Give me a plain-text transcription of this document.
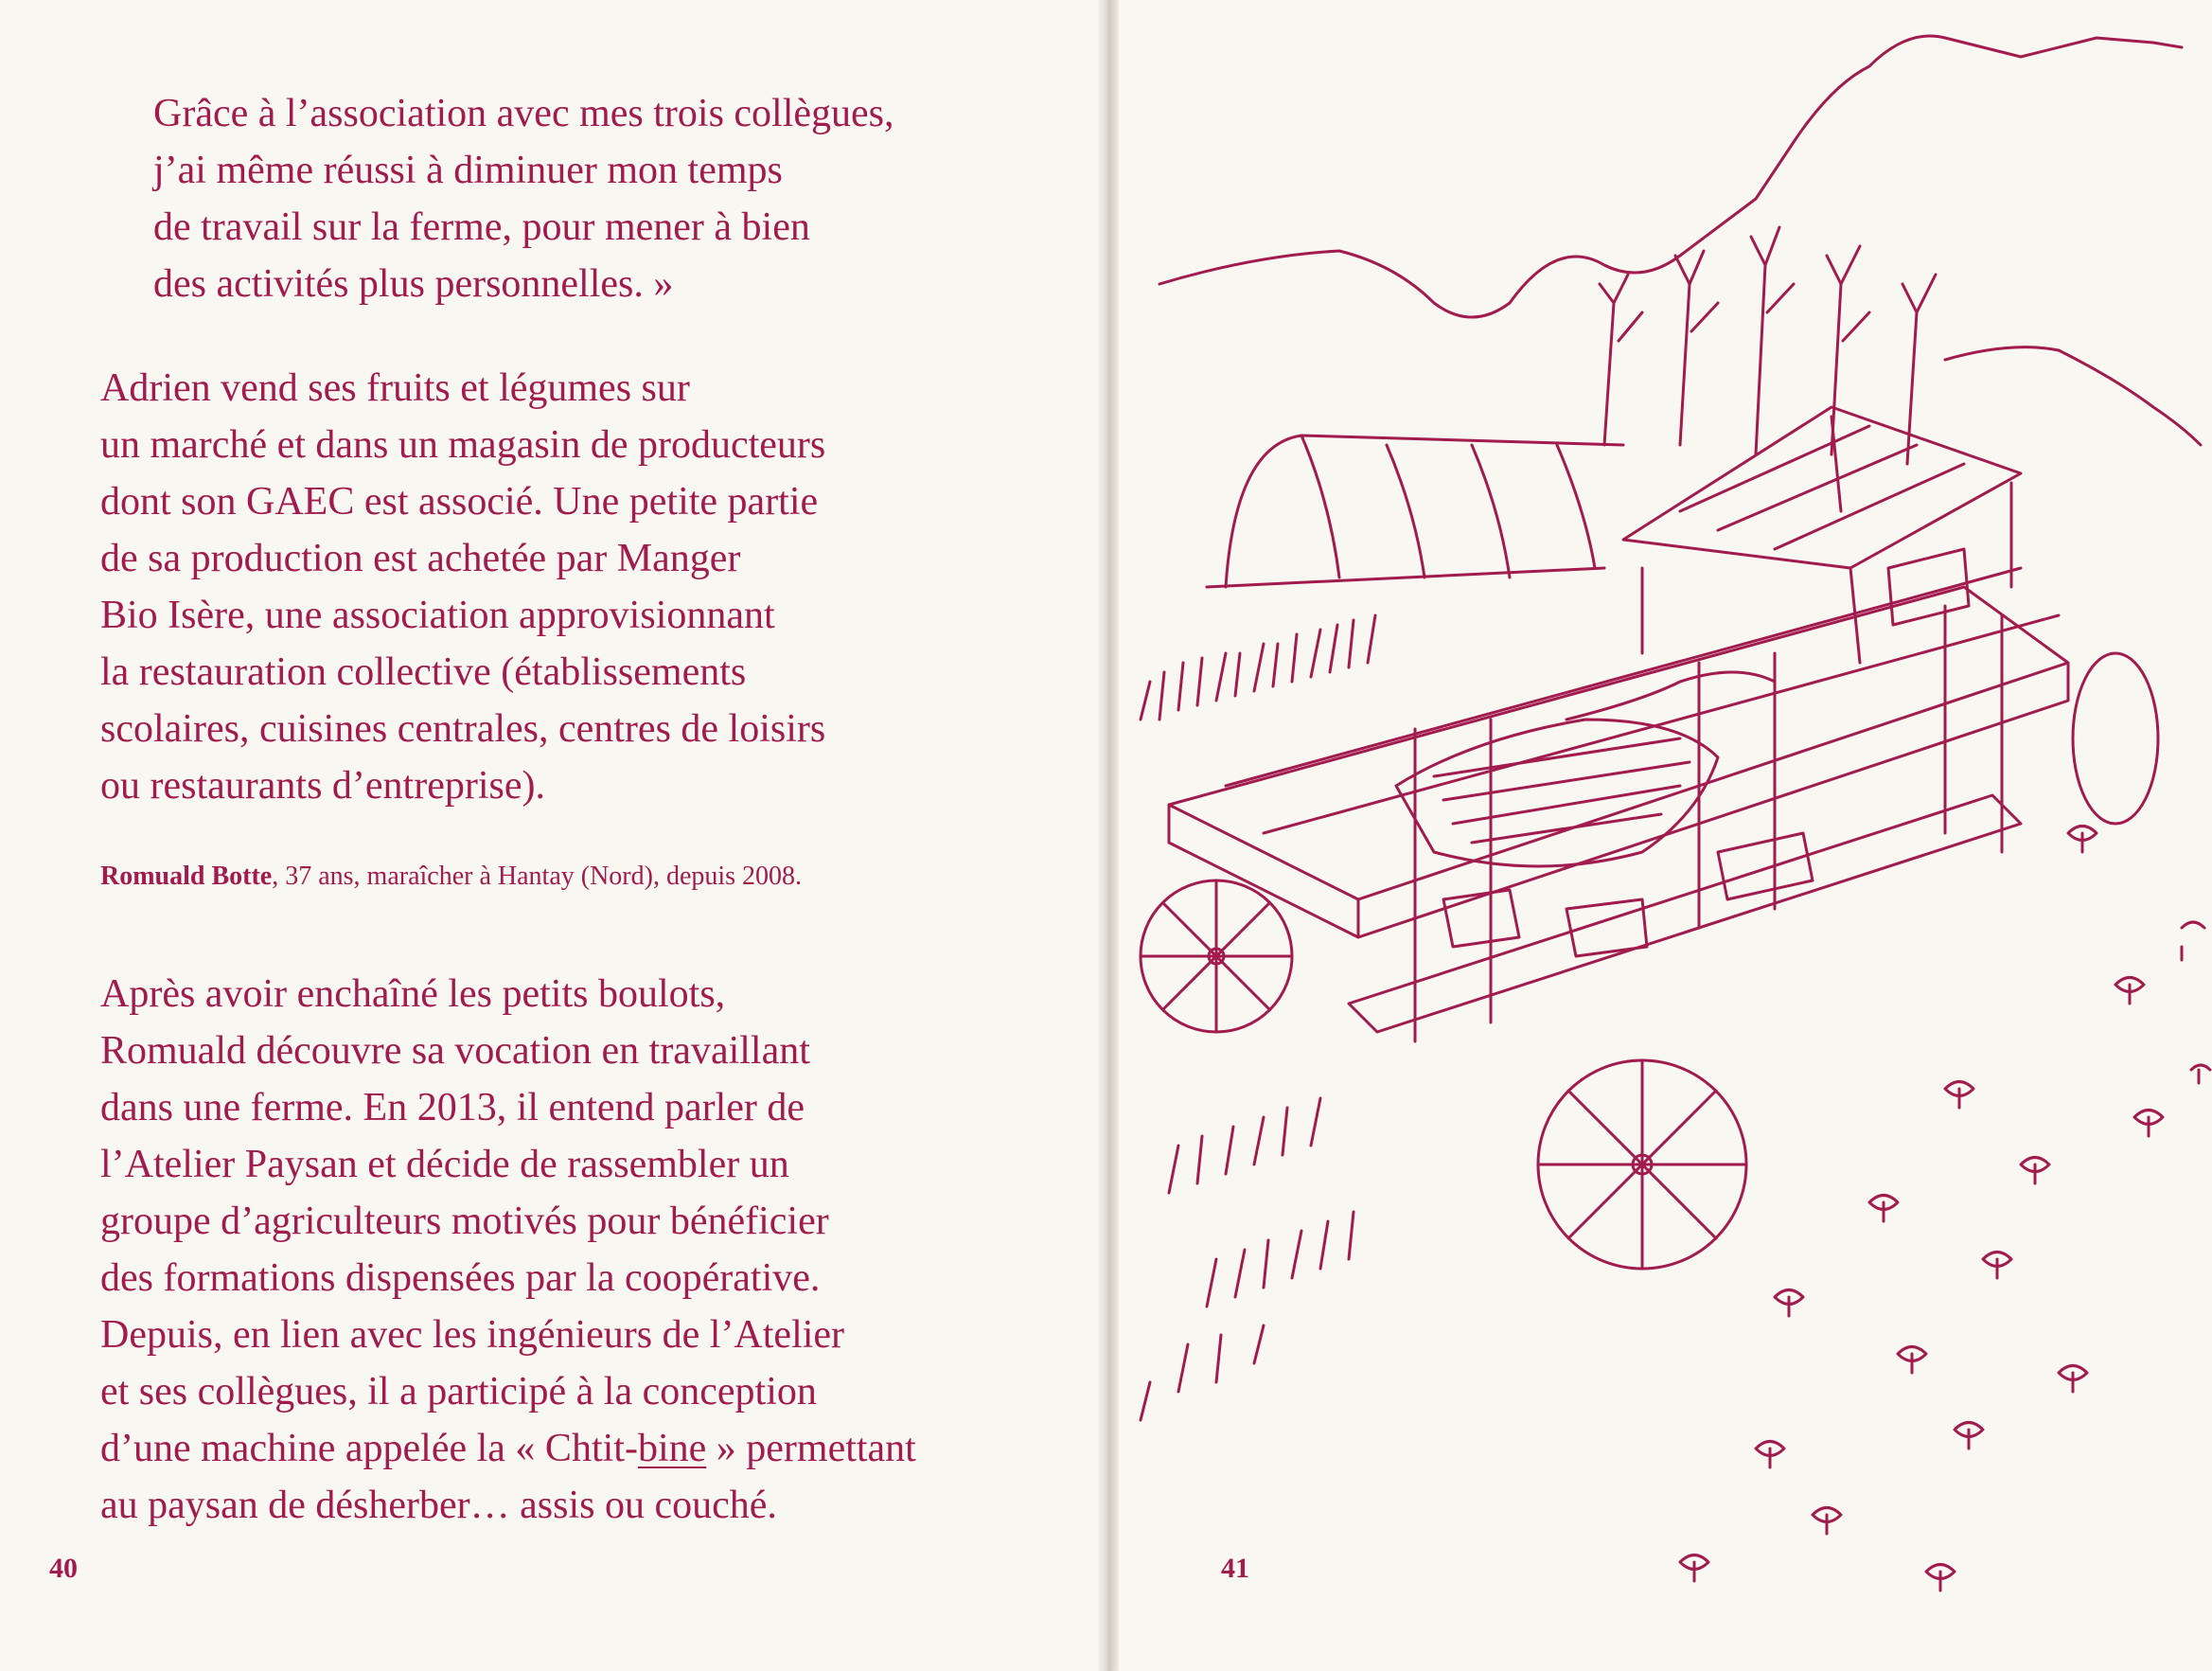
Grâce à l’association avec mes trois collègues,
j’ai même réussi à diminuer mon temps
de travail sur la ferme, pour mener à bien
des activités plus personnelles. »
Adrien vend ses fruits et légumes sur
un marché et dans un magasin de producteurs
dont son GAEC est associé. Une petite partie
de sa production est achetée par Manger
Bio Isère, une association approvisionnant
la restauration collective (établissements
scolaires, cuisines centrales, centres de loisirs
ou restaurants d’entreprise).

Romuald Botte, 37 ans, maraîcher à Hantay (Nord), depuis 2008.

Après avoir enchaîné les petits boulots,
Romuald découvre sa vocation en travaillant
dans une ferme. En 2013, il entend parler de
l’Atelier Paysan et décide de rassembler un
groupe d’agriculteurs motivés pour bénéficier
des formations dispensées par la coopérative.
Depuis, en lien avec les ingénieurs de l’Atelier
et ses collègues, il a participé à la conception
d’une machine appelée la « Chtit-bine » permettant
au paysan de désherber… assis ou couché.

40	41
